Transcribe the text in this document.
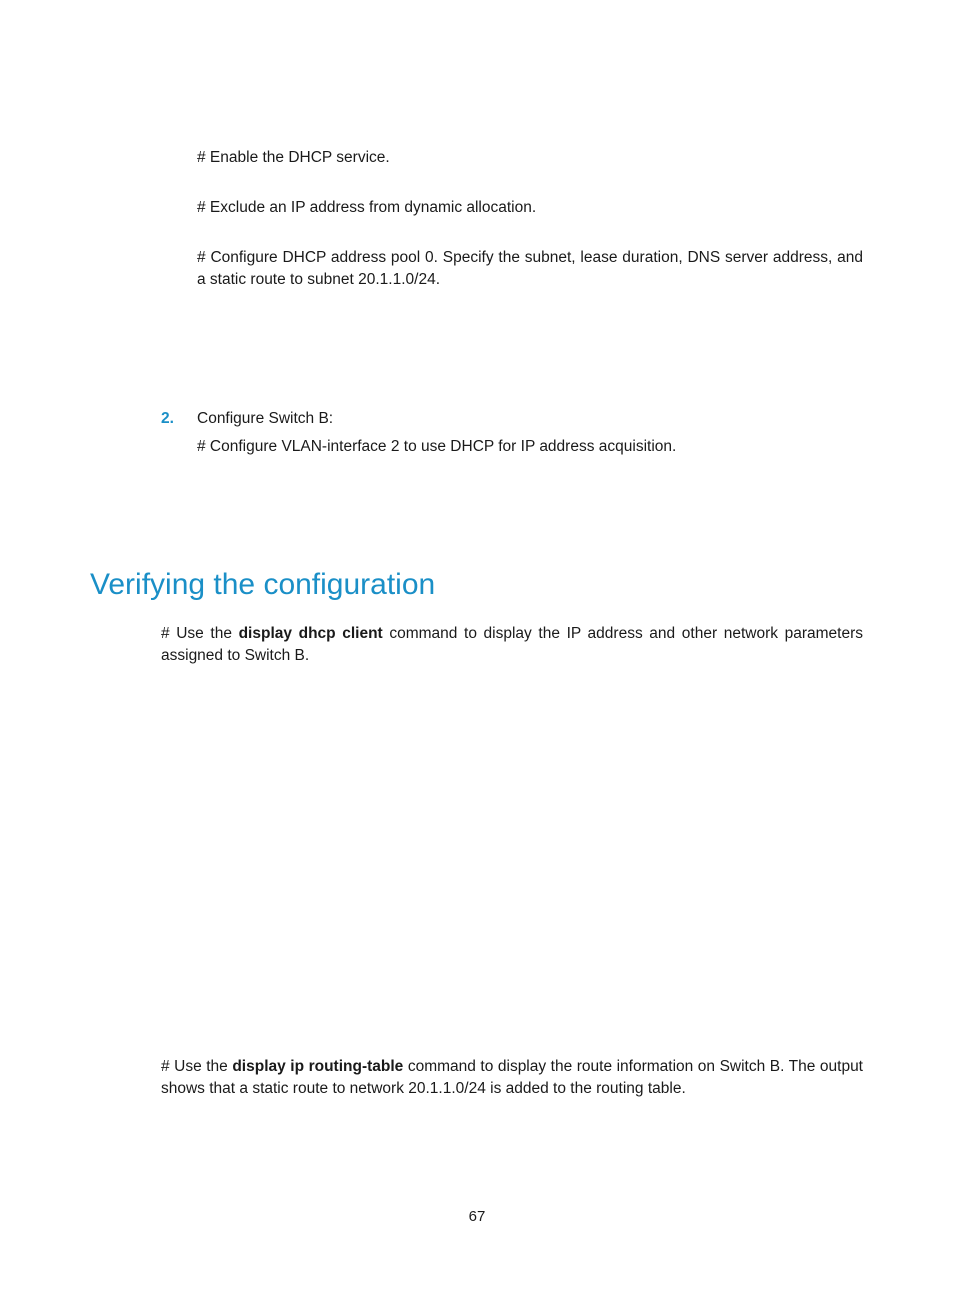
# Enable the DHCP service.
# Exclude an IP address from dynamic allocation.
# Configure DHCP address pool 0. Specify the subnet, lease duration, DNS server address, and a static route to subnet 20.1.1.0/24.
2. Configure Switch B:
# Configure VLAN-interface 2 to use DHCP for IP address acquisition.
Verifying the configuration
# Use the display dhcp client command to display the IP address and other network parameters assigned to Switch B.
# Use the display ip routing-table command to display the route information on Switch B. The output shows that a static route to network 20.1.1.0/24 is added to the routing table.
67
